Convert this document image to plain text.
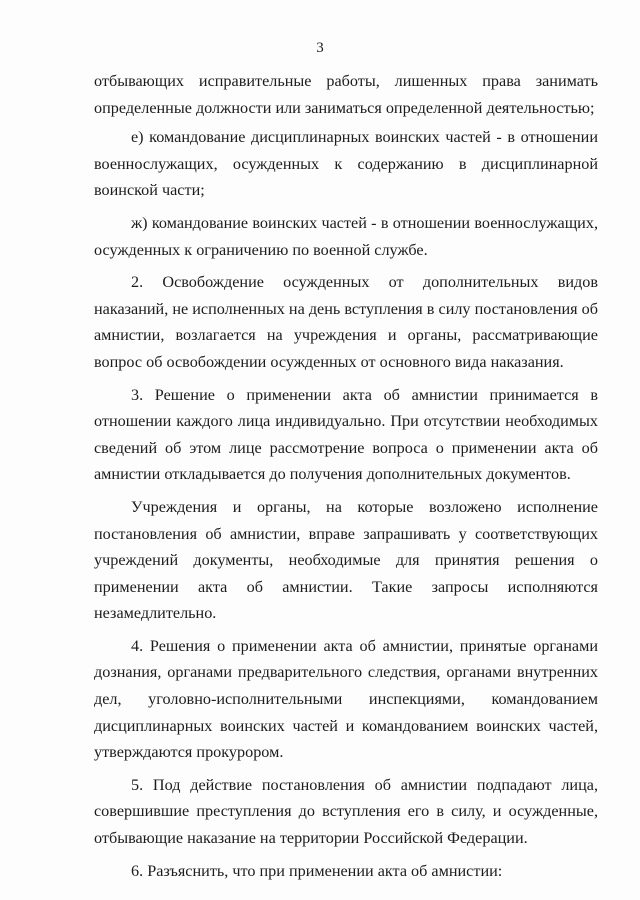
3
отбывающих исправительные работы, лишенных права занимать
определенные должности или заниматься определенной деятельностью;
е) командование дисциплинарных воинских частей - в отношении
военнослужащих, осужденных к содержанию в дисциплинарной
воинской части;
ж) командование воинских частей - в отношении военнослужащих,
осужденных к ограничению по военной службе.
2. Освобождение осужденных от дополнительных видов
наказаний, не исполненных на день вступления в силу постановления об
амнистии, возлагается на учреждения и органы, рассматривающие
вопрос об освобождении осужденных от основного вида наказания.
3. Решение о применении акта об амнистии принимается в
отношении каждого лица индивидуально. При отсутствии необходимых
сведений об этом лице рассмотрение вопроса о применении акта об
амнистии откладывается до получения дополнительных документов.
Учреждения и органы, на которые возложено исполнение
постановления об амнистии, вправе запрашивать у соответствующих
учреждений документы, необходимые для принятия решения о
применении акта об амнистии. Такие запросы исполняются
незамедлительно.
4. Решения о применении акта об амнистии, принятые органами
дознания, органами предварительного следствия, органами внутренних
дел, уголовно-исполнительными инспекциями, командованием
дисциплинарных воинских частей и командованием воинских частей,
утверждаются прокурором.
5. Под действие постановления об амнистии подпадают лица,
совершившие преступления до вступления его в силу, и осужденные,
отбывающие наказание на территории Российской Федерации.
6. Разъяснить, что при применении акта об амнистии:
